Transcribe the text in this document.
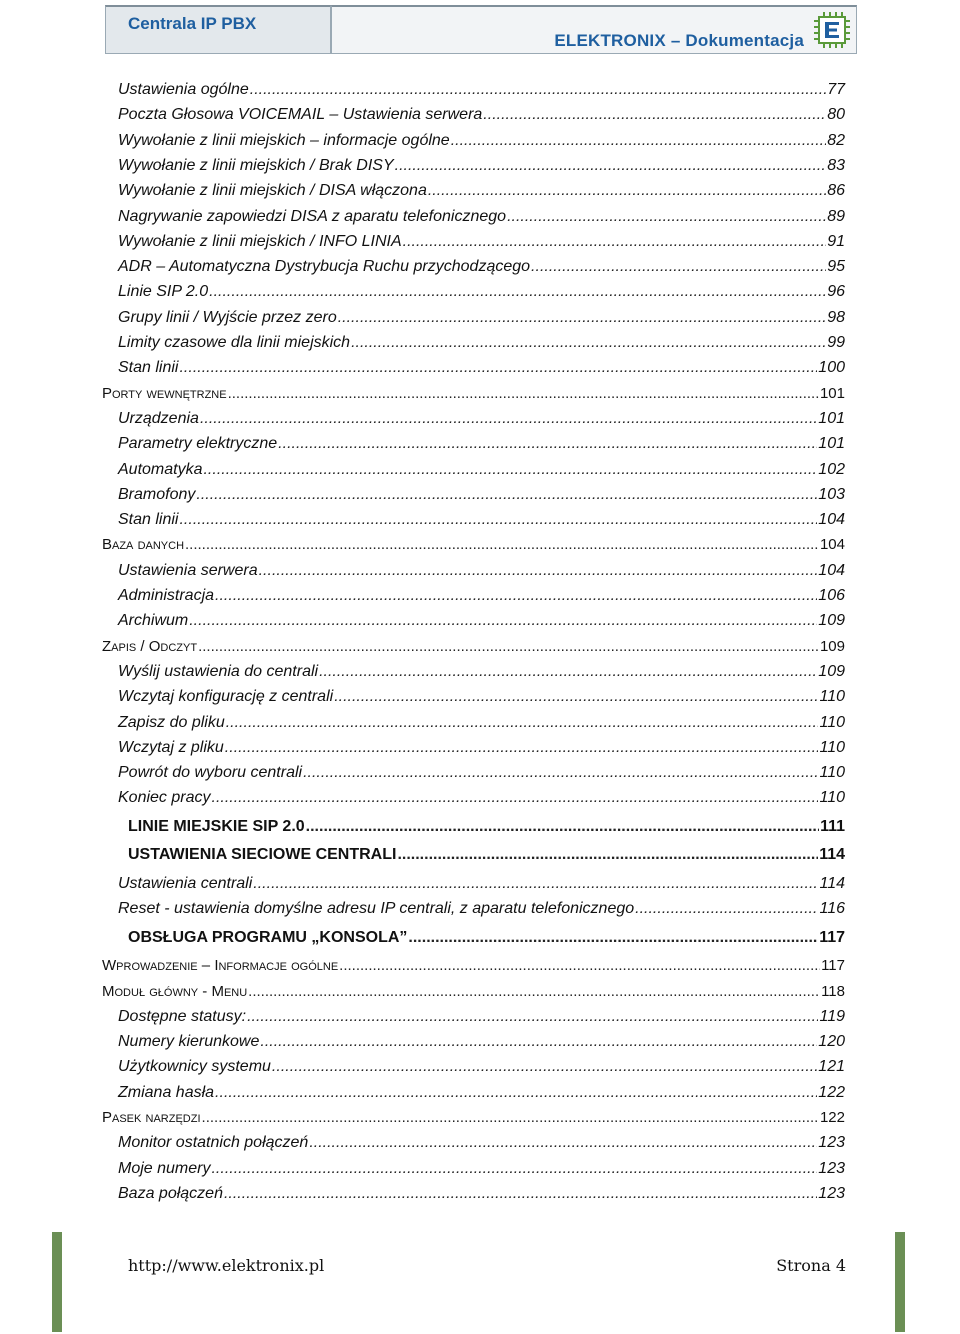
Centrala IP PBX
ELEKTRONIX – Dokumentacja
Ustawienia ogólne .....	77
Poczta Głosowa VOICEMAIL – Ustawienia serwera .....	80
Wywołanie z linii miejskich – informacje ogólne .....	82
Wywołanie z linii miejskich / Brak DISY .....	83
Wywołanie z linii miejskich / DISA włączona .....	86
Nagrywanie zapowiedzi DISA z aparatu telefonicznego .....	89
Wywołanie z linii miejskich / INFO LINIA .....	91
ADR – Automatyczna Dystrybucja Ruchu przychodzącego .....	95
Linie SIP 2.0 .....	96
Grupy linii / Wyjście przez zero .....	98
Limity czasowe dla linii miejskich .....	99
Stan linii .....	100
Porty wewnętrzne .....	101
Urządzenia .....	101
Parametry elektryczne .....	101
Automatyka .....	102
Bramofony .....	103
Stan linii .....	104
Baza danych .....	104
Ustawienia serwera .....	104
Administracja .....	106
Archiwum .....	109
Zapis / Odczyt .....	109
Wyślij ustawienia do centrali .....	109
Wczytaj konfigurację z centrali .....	110
Zapisz do pliku .....	110
Wczytaj z pliku .....	110
Powrót do wyboru centrali .....	110
Koniec pracy .....	110
LINIE MIEJSKIE SIP 2.0 .....	111
USTAWIENIA SIECIOWE CENTRALI .....	114
Ustawienia centrali .....	114
Reset - ustawienia domyślne adresu IP centrali, z aparatu telefonicznego .....	116
OBSŁUGA PROGRAMU „KONSOLA” .....	117
Wprowadzenie – Informacje ogólne .....	117
Moduł główny - Menu .....	118
Dostępne statusy: .....	119
Numery kierunkowe .....	120
Użytkownicy systemu .....	121
Zmiana hasła .....	122
Pasek narzędzi .....	122
Monitor ostatnich połączeń .....	123
Moje numery .....	123
Baza połączeń .....	123
http://www.elektronix.pl	Strona 4
